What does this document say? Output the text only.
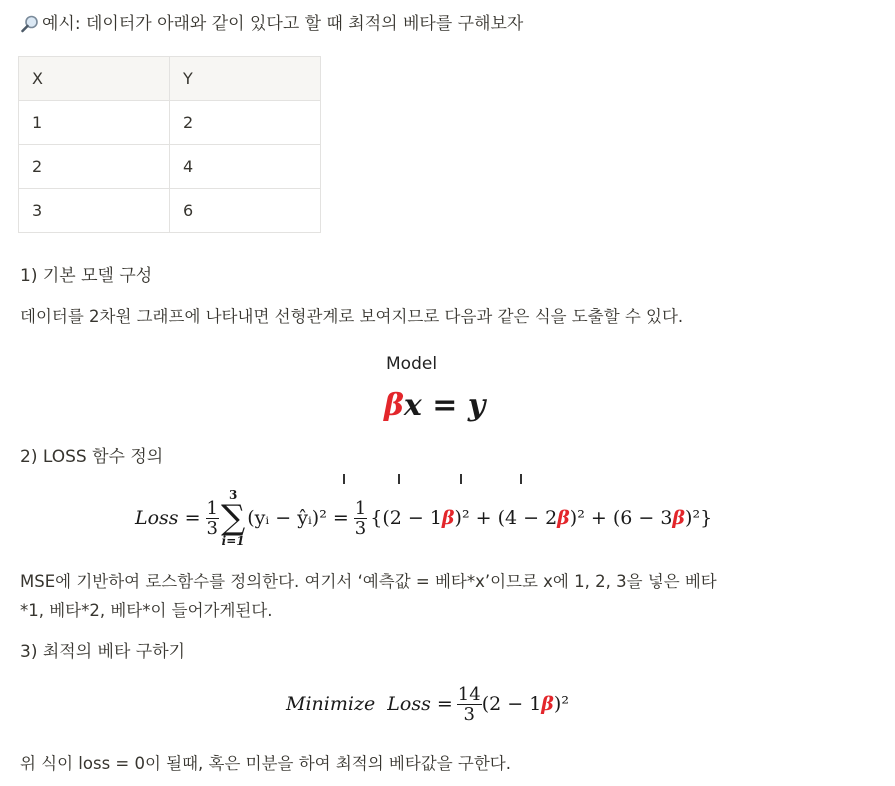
예시: 데이터가 아래와 같이 있다고 할 때 최적의 베타를 구해보자
X	Y
1	2
2	4
3	6
1) 기본 모델 구성
데이터를 2차원 그래프에 나타내면 선형관계로 보여지므로 다음과 같은 식을 도출할 수 있다.
Model
βx = y
2) LOSS 함수 정의
Loss = $\frac{1}{3}$
3
∑
i=1
(yᵢ − ŷᵢ)² = $\frac{1}{3} \{(2 - 1\beta)^2 + (4 - 2\beta)^2 + (6 - 3\beta)^2\}$
MSE에 기반하여 로스함수를 정의한다. 여기서 ‘예측값 = 베타*x’이므로 x에 1, 2, 3을 넣은 베타
*1, 베타*2, 베타*이 들어가게된다.
3) 최적의 베타 구하기
Minimize  Loss = $\frac{14}{3} (2 - 1\beta)^2$
위 식이 loss = 0이 될때, 혹은 미분을 하여 최적의 베타값을 구한다.
